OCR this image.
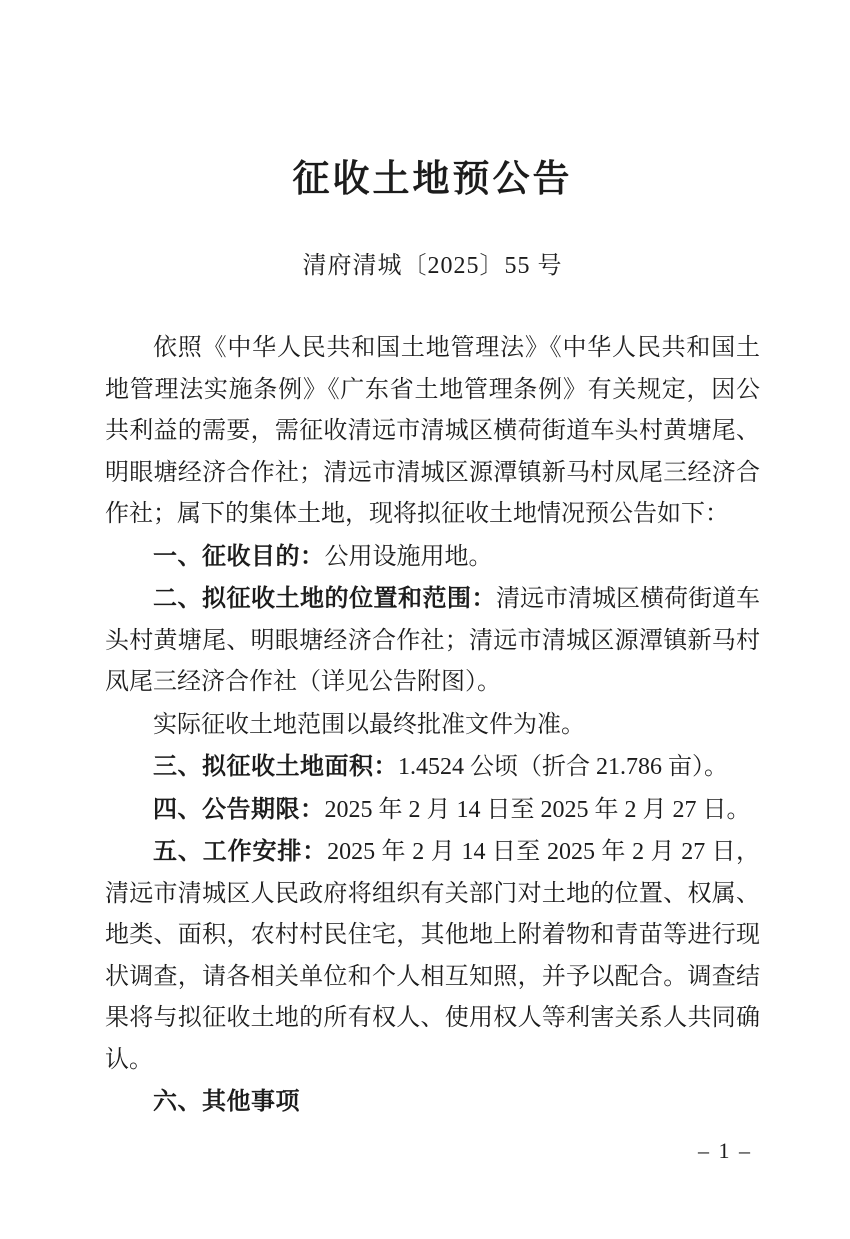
征收土地预公告
清府清城〔2025〕55 号

依照《中华人民共和国土地管理法》《中华人民共和国土地管理法实施条例》《广东省土地管理条例》有关规定，因公共利益的需要，需征收清远市清城区横荷街道车头村黄塘尾、明眼塘经济合作社；清远市清城区源潭镇新马村凤尾三经济合作社；属下的集体土地，现将拟征收土地情况预公告如下：

一、征收目的：公用设施用地。

二、拟征收土地的位置和范围：清远市清城区横荷街道车头村黄塘尾、明眼塘经济合作社；清远市清城区源潭镇新马村凤尾三经济合作社（详见公告附图）。

实际征收土地范围以最终批准文件为准。

三、拟征收土地面积：1.4524 公顷（折合 21.786 亩）。

四、公告期限：2025 年 2 月 14 日至 2025 年 2 月 27 日。

五、工作安排：2025 年 2 月 14 日至 2025 年 2 月 27 日，清远市清城区人民政府将组织有关部门对土地的位置、权属、地类、面积，农村村民住宅，其他地上附着物和青苗等进行现状调查，请各相关单位和个人相互知照，并予以配合。调查结果将与拟征收土地的所有权人、使用权人等利害关系人共同确认。

六、其他事项

– 1 –
